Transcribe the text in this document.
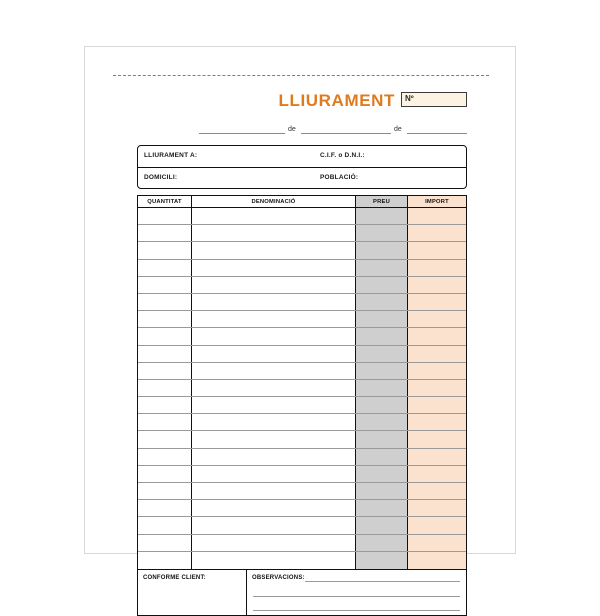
LLIURAMENT Nº
de	de
LLIURAMENT A:	C.I.F. o D.N.I.:
DOMICILI:	POBLACIÓ:
QUANTITAT	DENOMINACIÓ	PREU	IMPORT
CONFORME CLIENT:	OBSERVACIONS:
